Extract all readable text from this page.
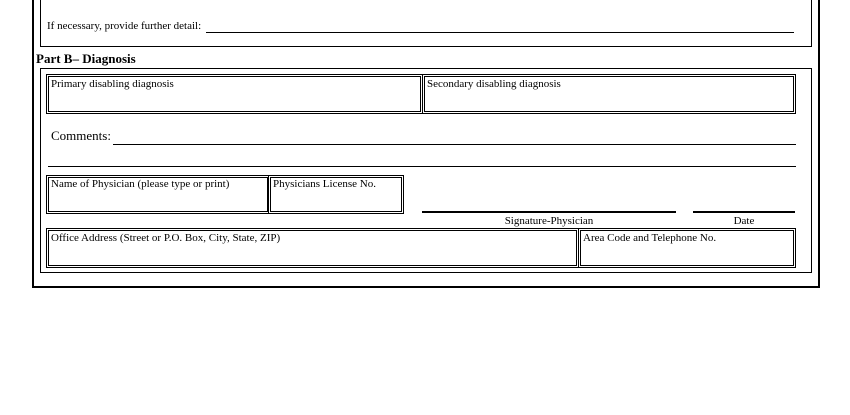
If necessary, provide further detail:
Part B– Diagnosis
Primary disabling diagnosis	Secondary disabling diagnosis
Comments:
Name of Physician (please type or print)	Physicians License No.
Signature-Physician	Date
Office Address (Street or P.O. Box, City, State, ZIP)	Area Code and Telephone No.
